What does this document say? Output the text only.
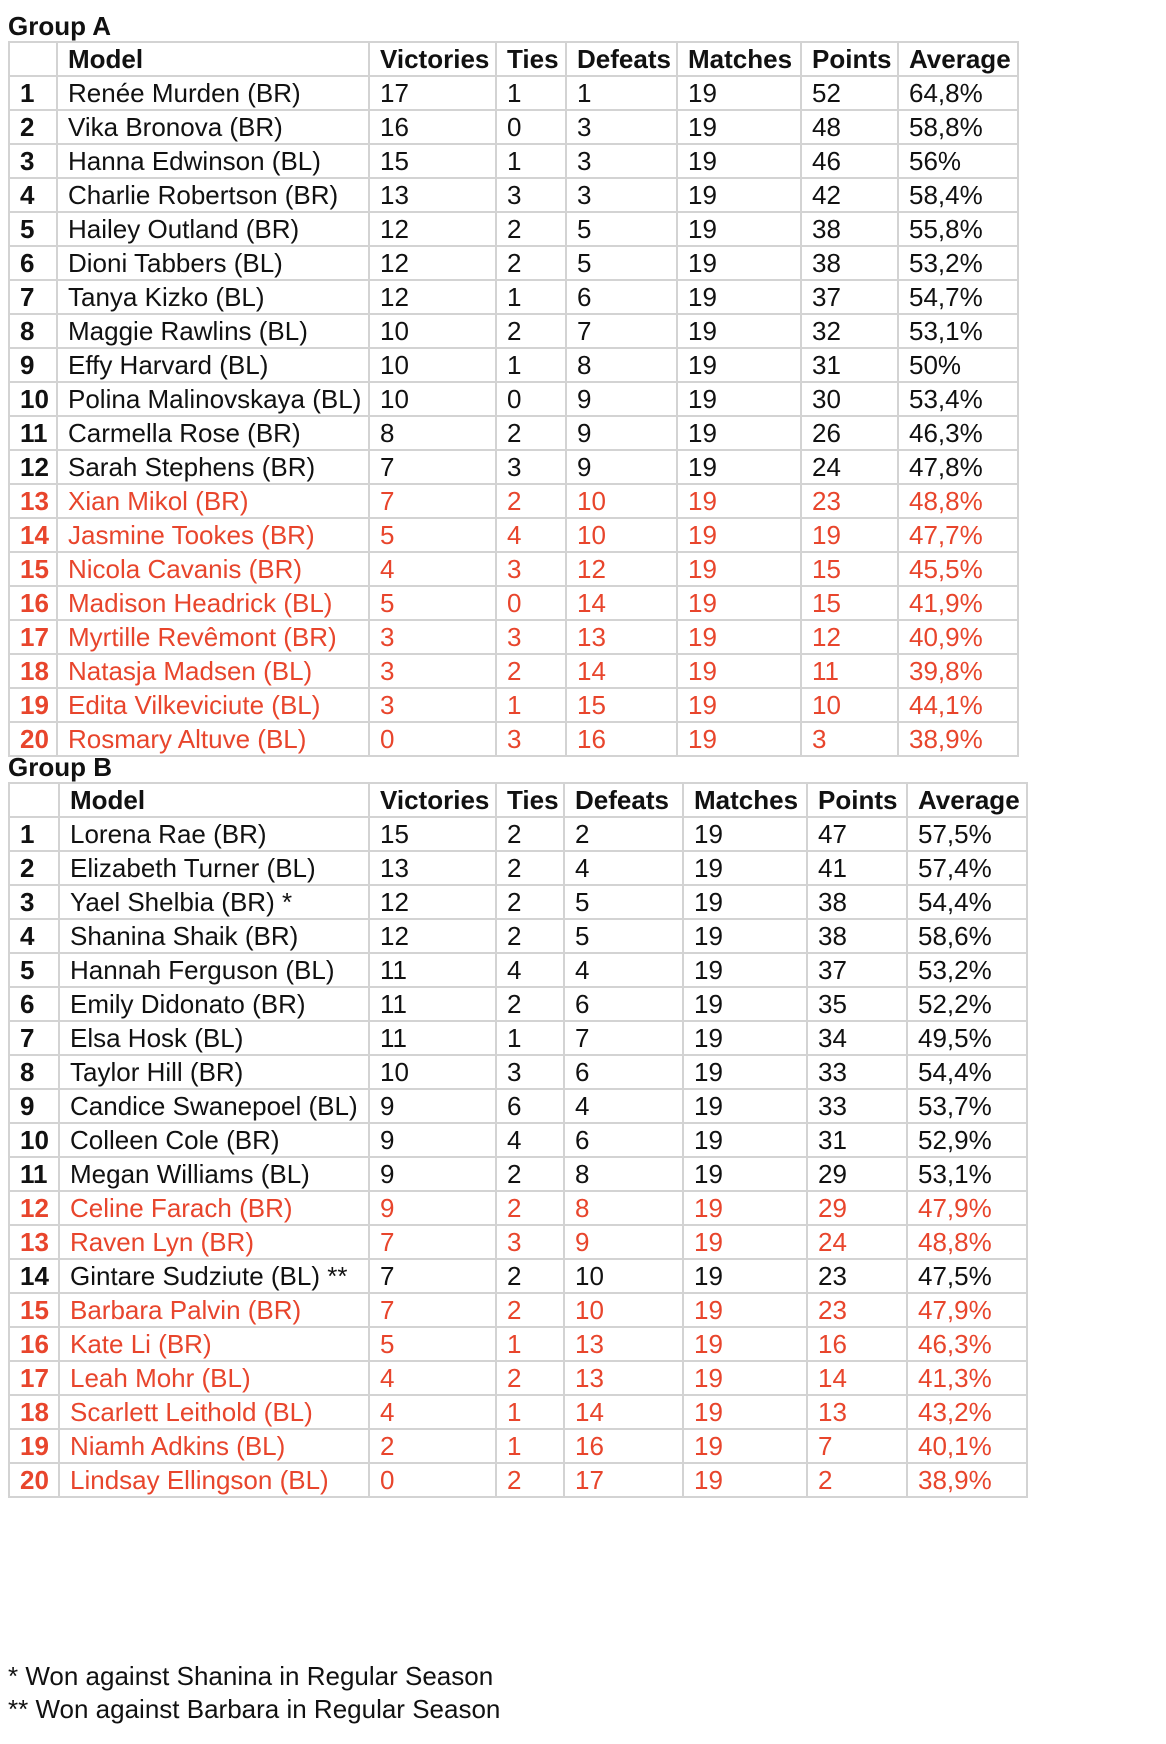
Group A
	Model	Victories	Ties	Defeats	Matches	Points	Average
1	Renée Murden (BR)	17	1	1	19	52	64,8%
2	Vika Bronova (BR)	16	0	3	19	48	58,8%
3	Hanna Edwinson (BL)	15	1	3	19	46	56%
4	Charlie Robertson (BR)	13	3	3	19	42	58,4%
5	Hailey Outland (BR)	12	2	5	19	38	55,8%
6	Dioni Tabbers (BL)	12	2	5	19	38	53,2%
7	Tanya Kizko (BL)	12	1	6	19	37	54,7%
8	Maggie Rawlins (BL)	10	2	7	19	32	53,1%
9	Effy Harvard (BL)	10	1	8	19	31	50%
10	Polina Malinovskaya (BL)	10	0	9	19	30	53,4%
11	Carmella Rose (BR)	8	2	9	19	26	46,3%
12	Sarah Stephens (BR)	7	3	9	19	24	47,8%
13	Xian Mikol (BR)	7	2	10	19	23	48,8%
14	Jasmine Tookes (BR)	5	4	10	19	19	47,7%
15	Nicola Cavanis (BR)	4	3	12	19	15	45,5%
16	Madison Headrick (BL)	5	0	14	19	15	41,9%
17	Myrtille Revêmont (BR)	3	3	13	19	12	40,9%
18	Natasja Madsen (BL)	3	2	14	19	11	39,8%
19	Edita Vilkeviciute (BL)	3	1	15	19	10	44,1%
20	Rosmary Altuve (BL)	0	3	16	19	3	38,9%
Group B
	Model	Victories	Ties	Defeats	Matches	Points	Average
1	Lorena Rae (BR)	15	2	2	19	47	57,5%
2	Elizabeth Turner (BL)	13	2	4	19	41	57,4%
3	Yael Shelbia (BR) *	12	2	5	19	38	54,4%
4	Shanina Shaik (BR)	12	2	5	19	38	58,6%
5	Hannah Ferguson (BL)	11	4	4	19	37	53,2%
6	Emily Didonato (BR)	11	2	6	19	35	52,2%
7	Elsa Hosk (BL)	11	1	7	19	34	49,5%
8	Taylor Hill (BR)	10	3	6	19	33	54,4%
9	Candice Swanepoel (BL)	9	6	4	19	33	53,7%
10	Colleen Cole (BR)	9	4	6	19	31	52,9%
11	Megan Williams (BL)	9	2	8	19	29	53,1%
12	Celine Farach (BR)	9	2	8	19	29	47,9%
13	Raven Lyn (BR)	7	3	9	19	24	48,8%
14	Gintare Sudziute (BL) **	7	2	10	19	23	47,5%
15	Barbara Palvin (BR)	7	2	10	19	23	47,9%
16	Kate Li (BR)	5	1	13	19	16	46,3%
17	Leah Mohr (BL)	4	2	13	19	14	41,3%
18	Scarlett Leithold (BL)	4	1	14	19	13	43,2%
19	Niamh Adkins (BL)	2	1	16	19	7	40,1%
20	Lindsay Ellingson (BL)	0	2	17	19	2	38,9%

* Won against Shanina in Regular Season

** Won against Barbara in Regular Season
